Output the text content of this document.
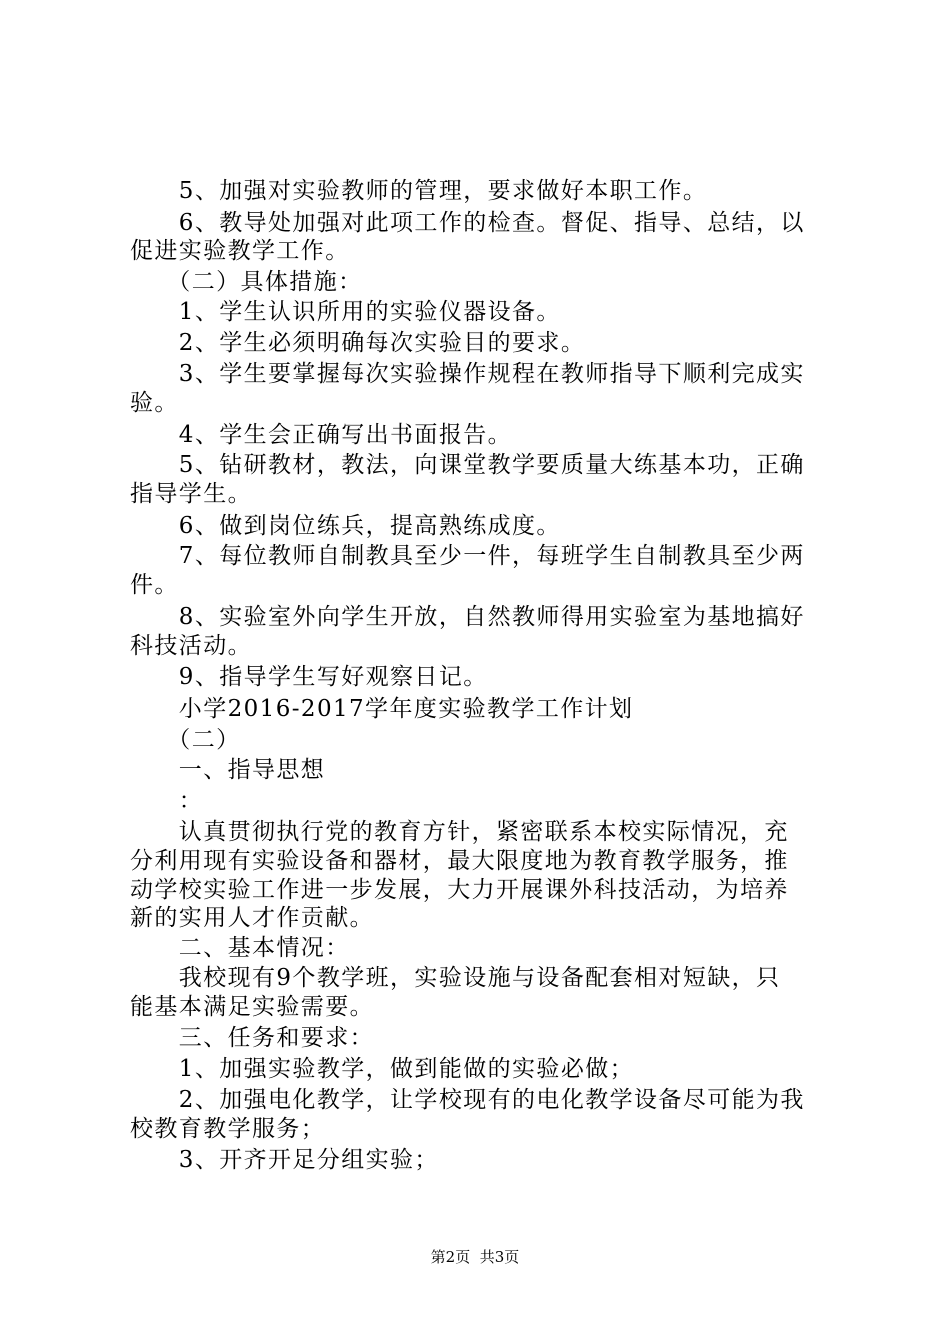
　　5、加强对实验教师的管理，要求做好本职工作。

　　6、教导处加强对此项工作的检查。督促、指导、总结，以

促进实验教学工作。

　　（二）具体措施：

　　1、学生认识所用的实验仪器设备。

　　2、学生必须明确每次实验目的要求。

　　3、学生要掌握每次实验操作规程在教师指导下顺利完成实

验。

　　4、学生会正确写出书面报告。

　　5、钻研教材，教法，向课堂教学要质量大练基本功，正确

指导学生。

　　6、做到岗位练兵，提高熟练成度。

　　7、每位教师自制教具至少一件，每班学生自制教具至少两

件。

　　8、实验室外向学生开放，自然教师得用实验室为基地搞好

科技活动。

　　9、指导学生写好观察日记。

　　小学2016-2017学年度实验教学工作计划

　　（二）

　　一、指导思想

　　：

　　认真贯彻执行党的教育方针，紧密联系本校实际情况，充

分利用现有实验设备和器材，最大限度地为教育教学服务，推

动学校实验工作进一步发展，大力开展课外科技活动，为培养

新的实用人才作贡献。

　　二、基本情况：

　　我校现有9个教学班，实验设施与设备配套相对短缺，只

能基本满足实验需要。

　　三、任务和要求：

　　1、加强实验教学，做到能做的实验必做；

　　2、加强电化教学，让学校现有的电化教学设备尽可能为我

校教育教学服务；

　　3、开齐开足分组实验；

第2页 共3页
